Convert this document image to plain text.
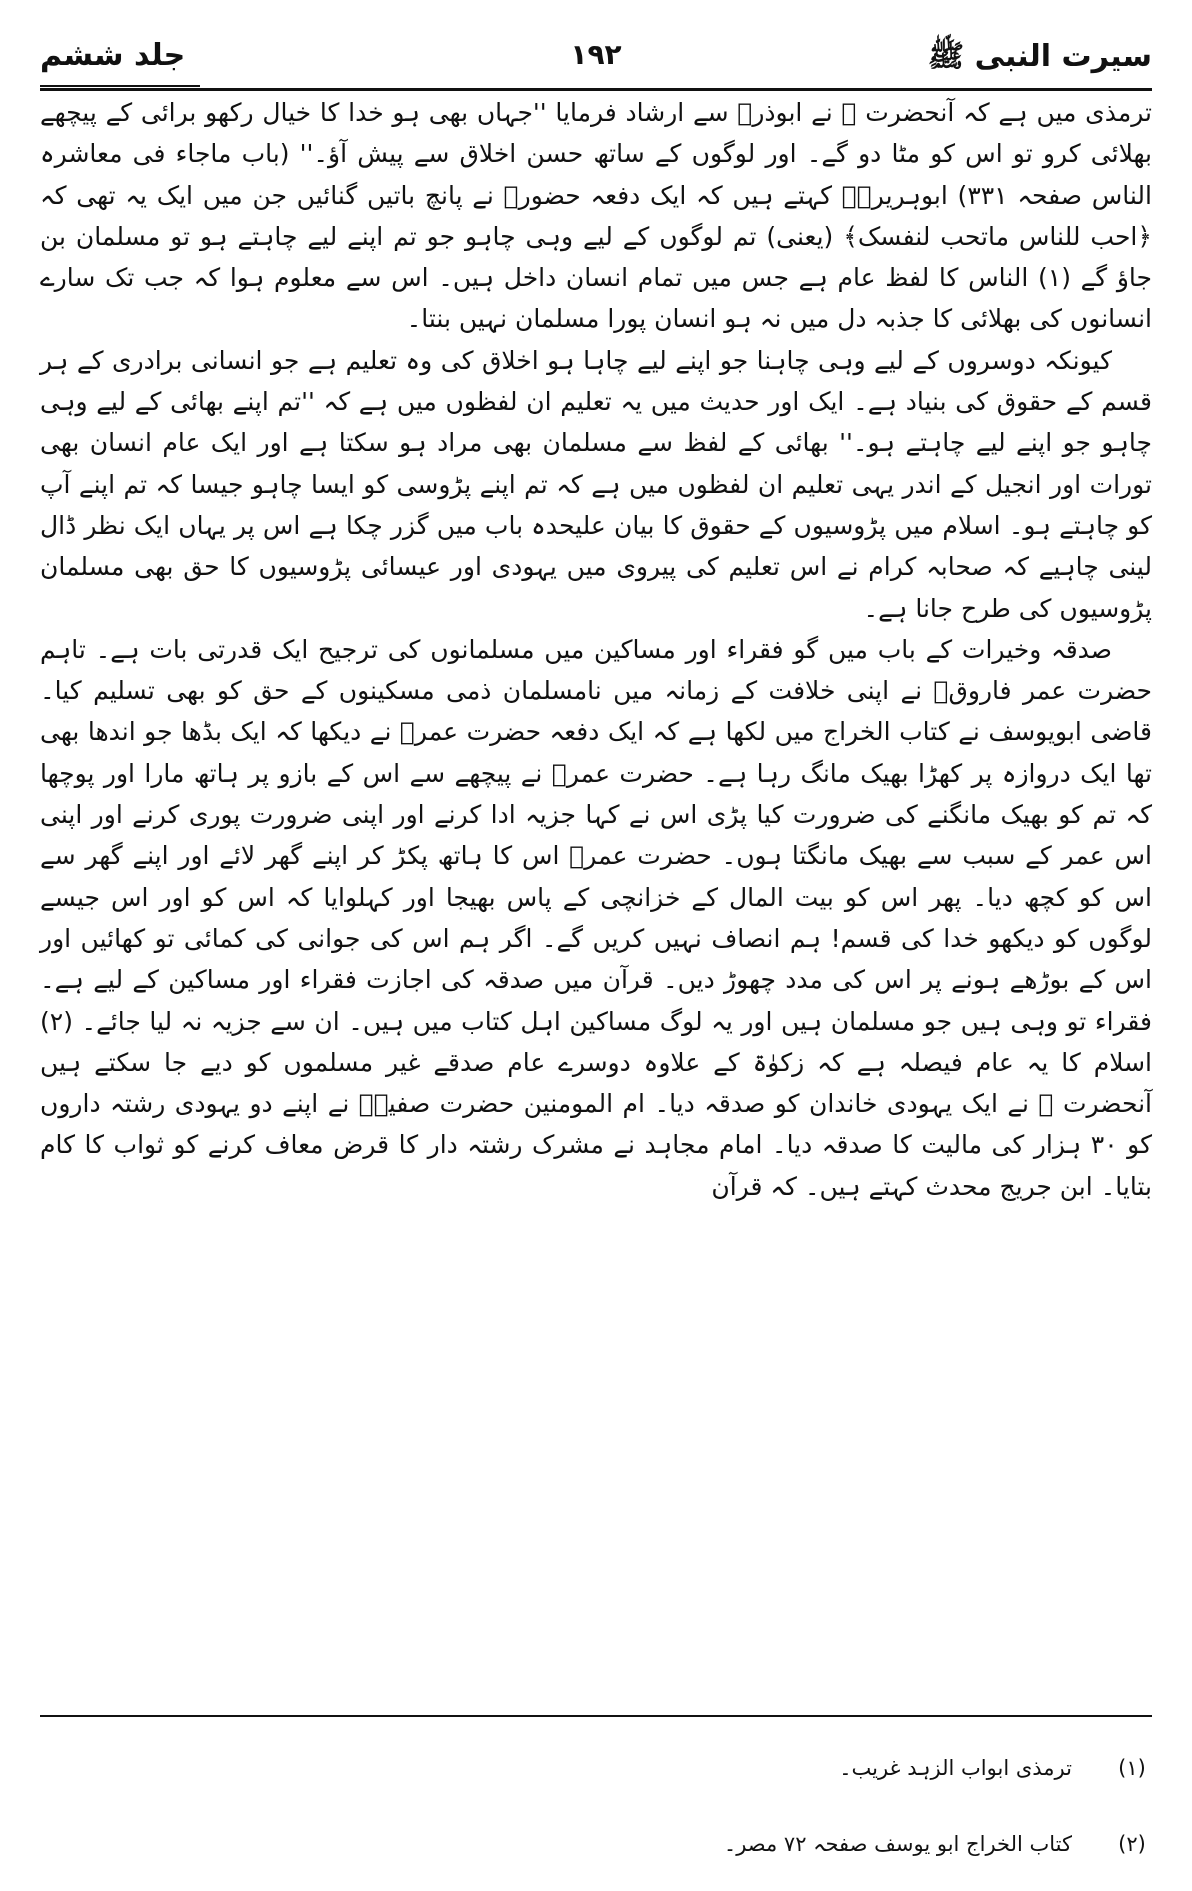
سیرت النبی ﷺ
۱۹۲
جلد ششم

ترمذی میں ہے کہ آنحضرت ﷺ نے ابوذرؓ سے ارشاد فرمایا ''جہاں بھی ہو خدا کا خیال رکھو برائی کے پیچھے بھلائی کرو تو اس کو مٹا دو گے۔ اور لوگوں کے ساتھ حسن اخلاق سے پیش آؤ۔'' (باب ماجاء فی معاشرہ الناس صفحہ ۳۳۱) ابوہریرہؓ کہتے ہیں کہ ایک دفعہ حضورؐ نے پانچ باتیں گنائیں جن میں ایک یہ تھی کہ ﴿احب للناس ماتحب لنفسک﴾ (یعنی) تم لوگوں کے لیے وہی چاہو جو تم اپنے لیے چاہتے ہو تو مسلمان بن جاؤ گے (۱) الناس کا لفظ عام ہے جس میں تمام انسان داخل ہیں۔ اس سے معلوم ہوا کہ جب تک سارے انسانوں کی بھلائی کا جذبہ دل میں نہ ہو انسان پورا مسلمان نہیں بنتا۔

کیونکہ دوسروں کے لیے وہی چاہنا جو اپنے لیے چاہا ہو اخلاق کی وہ تعلیم ہے جو انسانی برادری کے ہر قسم کے حقوق کی بنیاد ہے۔ ایک اور حدیث میں یہ تعلیم ان لفظوں میں ہے کہ ''تم اپنے بھائی کے لیے وہی چاہو جو اپنے لیے چاہتے ہو۔'' بھائی کے لفظ سے مسلمان بھی مراد ہو سکتا ہے اور ایک عام انسان بھی تورات اور انجیل کے اندر یہی تعلیم ان لفظوں میں ہے کہ تم اپنے پڑوسی کو ایسا چاہو جیسا کہ تم اپنے آپ کو چاہتے ہو۔ اسلام میں پڑوسیوں کے حقوق کا بیان علیحدہ باب میں گزر چکا ہے اس پر یہاں ایک نظر ڈال لینی چاہیے کہ صحابہ کرام نے اس تعلیم کی پیروی میں یہودی اور عیسائی پڑوسیوں کا حق بھی مسلمان پڑوسیوں کی طرح جانا ہے۔

صدقہ وخیرات کے باب میں گو فقراء اور مساکین میں مسلمانوں کی ترجیح ایک قدرتی بات ہے۔ تاہم حضرت عمر فاروقؓ نے اپنی خلافت کے زمانہ میں نامسلمان ذمی مسکینوں کے حق کو بھی تسلیم کیا۔ قاضی ابویوسف نے کتاب الخراج میں لکھا ہے کہ ایک دفعہ حضرت عمرؓ نے دیکھا کہ ایک بڈھا جو اندھا بھی تھا ایک دروازہ پر کھڑا بھیک مانگ رہا ہے۔ حضرت عمرؓ نے پیچھے سے اس کے بازو پر ہاتھ مارا اور پوچھا کہ تم کو بھیک مانگنے کی ضرورت کیا پڑی اس نے کہا جزیہ ادا کرنے اور اپنی ضرورت پوری کرنے اور اپنی اس عمر کے سبب سے بھیک مانگتا ہوں۔ حضرت عمرؓ اس کا ہاتھ پکڑ کر اپنے گھر لائے اور اپنے گھر سے اس کو کچھ دیا۔ پھر اس کو بیت المال کے خزانچی کے پاس بھیجا اور کہلوایا کہ اس کو اور اس جیسے لوگوں کو دیکھو خدا کی قسم! ہم انصاف نہیں کریں گے۔ اگر ہم اس کی جوانی کی کمائی تو کھائیں اور اس کے بوڑھے ہونے پر اس کی مدد چھوڑ دیں۔ قرآن میں صدقہ کی اجازت فقراء اور مساکین کے لیے ہے۔ فقراء تو وہی ہیں جو مسلمان ہیں اور یہ لوگ مساکین اہل کتاب میں ہیں۔ ان سے جزیہ نہ لیا جائے۔ (۲) اسلام کا یہ عام فیصلہ ہے کہ زکوٰۃ کے علاوہ دوسرے عام صدقے غیر مسلموں کو دیے جا سکتے ہیں آنحضرت ﷺ نے ایک یہودی خاندان کو صدقہ دیا۔ ام المومنین حضرت صفیہؓ نے اپنے دو یہودی رشتہ داروں کو ۳۰ ہزار کی مالیت کا صدقہ دیا۔ امام مجاہد نے مشرک رشتہ دار کا قرض معاف کرنے کو ثواب کا کام بتایا۔ ابن جریج محدث کہتے ہیں۔ کہ قرآن

(۱)
ترمذی ابواب الزہد غریب۔
(۲)
کتاب الخراج ابو یوسف صفحہ ۷۲ مصر۔
